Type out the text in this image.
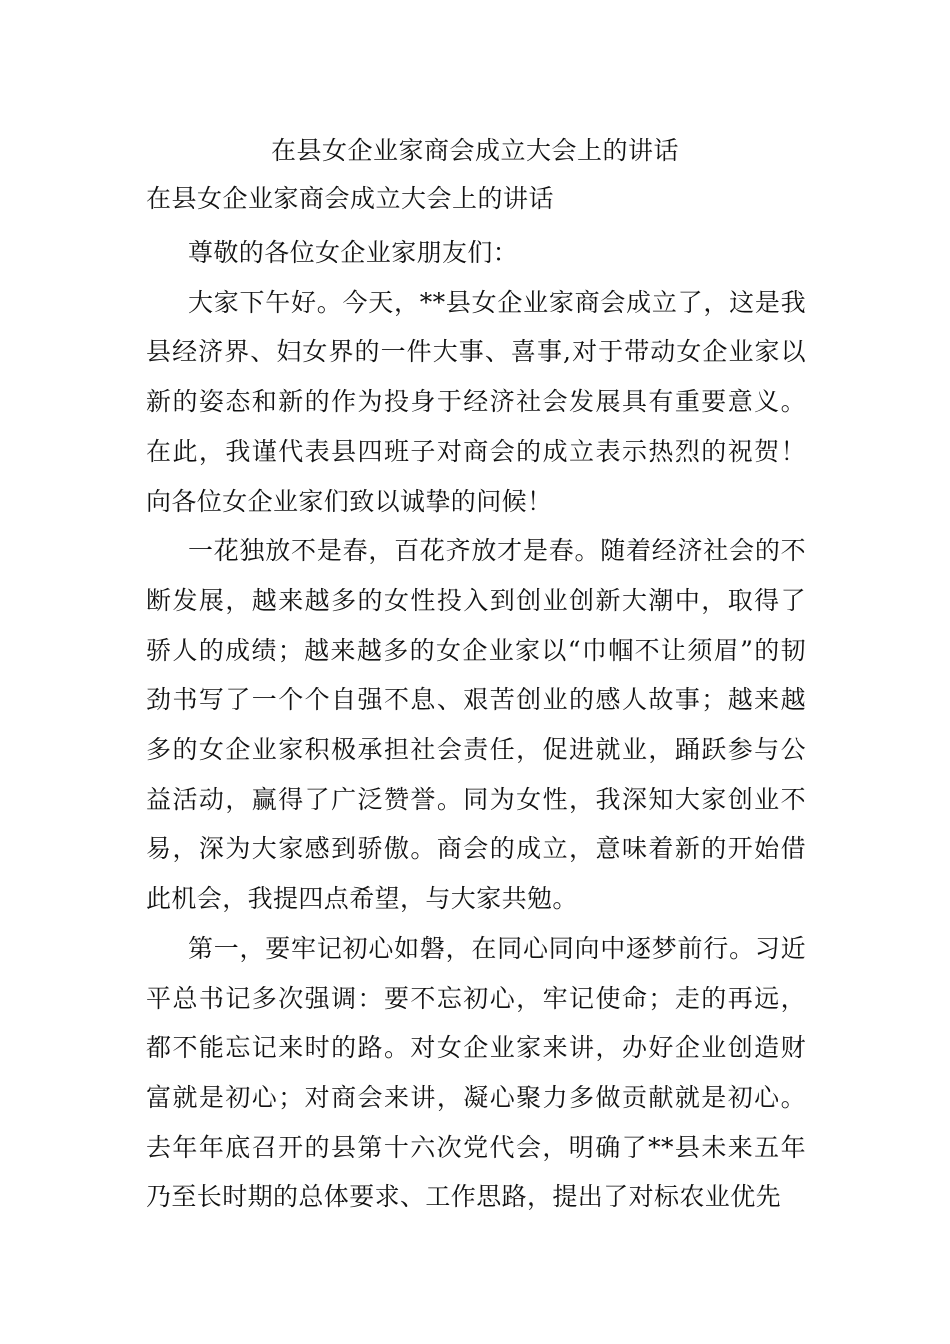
在县女企业家商会成立大会上的讲话

在县女企业家商会成立大会上的讲话

尊敬的各位女企业家朋友们：

大家下午好。今天，**县女企业家商会成立了，这是我县经济界、妇女界的一件大事、喜事,对于带动女企业家以新的姿态和新的作为投身于经济社会发展具有重要意义。在此，我谨代表县四班子对商会的成立表示热烈的祝贺！向各位女企业家们致以诚挚的问候！

一花独放不是春，百花齐放才是春。随着经济社会的不断发展，越来越多的女性投入到创业创新大潮中，取得了骄人的成绩；越来越多的女企业家以“巾帼不让须眉”的韧劲书写了一个个自强不息、艰苦创业的感人故事；越来越多的女企业家积极承担社会责任，促进就业，踊跃参与公益活动，赢得了广泛赞誉。同为女性，我深知大家创业不易，深为大家感到骄傲。商会的成立，意味着新的开始借此机会，我提四点希望，与大家共勉。

第一，要牢记初心如磐，在同心同向中逐梦前行。习近平总书记多次强调：要不忘初心，牢记使命；走的再远，都不能忘记来时的路。对女企业家来讲，办好企业创造财富就是初心；对商会来讲，凝心聚力多做贡献就是初心。去年年底召开的县第十六次党代会，明确了**县未来五年乃至长时期的总体要求、工作思路，提出了对标农业优先
